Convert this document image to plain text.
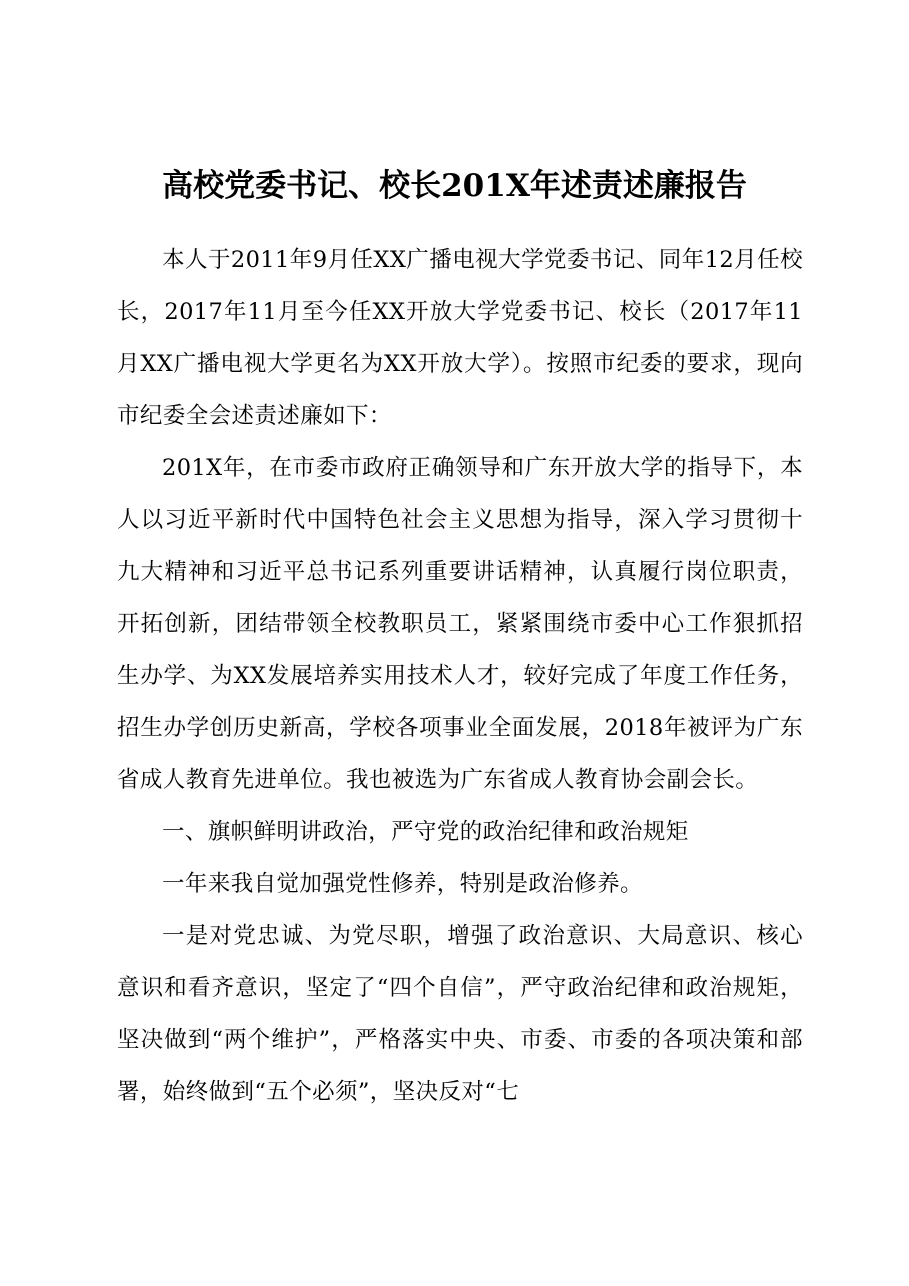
高校党委书记、校长201X年述责述廉报告

本人于2011年9月任XX广播电视大学党委书记、同年12月任校长，2017年11月至今任XX开放大学党委书记、校长（2017年11月XX广播电视大学更名为XX开放大学）。按照市纪委的要求，现向市纪委全会述责述廉如下：

201X年，在市委市政府正确领导和广东开放大学的指导下，本人以习近平新时代中国特色社会主义思想为指导，深入学习贯彻十九大精神和习近平总书记系列重要讲话精神，认真履行岗位职责，开拓创新，团结带领全校教职员工，紧紧围绕市委中心工作狠抓招生办学、为XX发展培养实用技术人才，较好完成了年度工作任务，招生办学创历史新高，学校各项事业全面发展，2018年被评为广东省成人教育先进单位。我也被选为广东省成人教育协会副会长。

一、旗帜鲜明讲政治，严守党的政治纪律和政治规矩

一年来我自觉加强党性修养，特别是政治修养。

一是对党忠诚、为党尽职，增强了政治意识、大局意识、核心意识和看齐意识，坚定了“四个自信”，严守政治纪律和政治规矩，坚决做到“两个维护”，严格落实中央、市委、市委的各项决策和部署，始终做到“五个必须”，坚决反对“七
